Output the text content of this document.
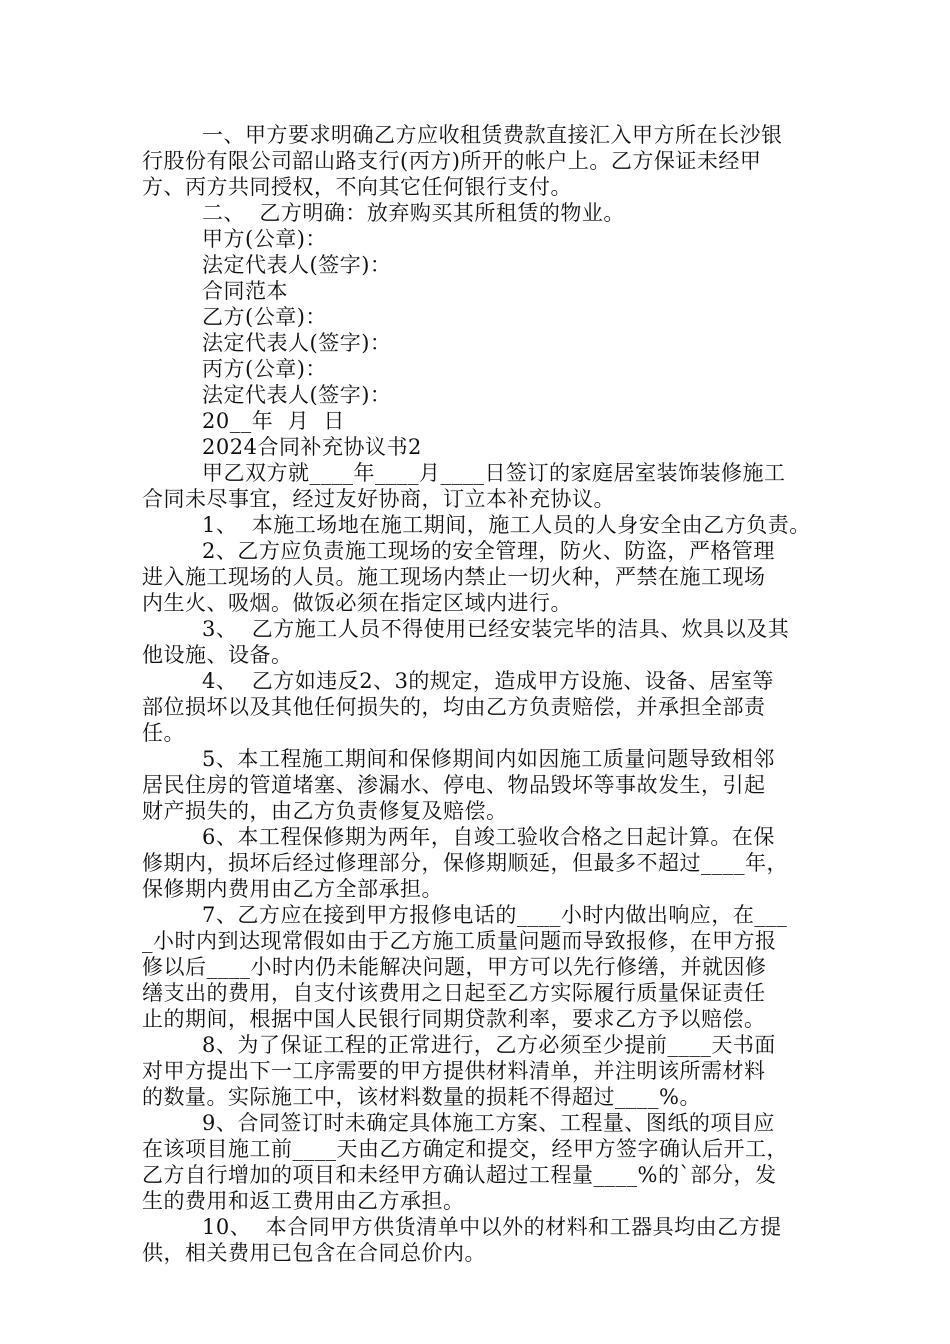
一、甲方要求明确乙方应收租赁费款直接汇入甲方所在长沙银
行股份有限公司韶山路支行(丙方)所开的帐户上。乙方保证未经甲
方、丙方共同授权，不向其它任何银行支付。
二、  乙方明确：放弃购买其所租赁的物业。
甲方(公章)：
法定代表人(签字)：
合同范本
乙方(公章)：
法定代表人(签字)：
丙方(公章)：
法定代表人(签字)：
20__年  月  日
2024合同补充协议书2
甲乙双方就____年____月____日签订的家庭居室装饰装修施工
合同未尽事宜，经过友好协商，订立本补充协议。
1、  本施工场地在施工期间，施工人员的人身安全由乙方负责。
2、乙方应负责施工现场的安全管理，防火、防盗，严格管理
进入施工现场的人员。施工现场内禁止一切火种，严禁在施工现场
内生火、吸烟。做饭必须在指定区域内进行。
3、  乙方施工人员不得使用已经安装完毕的洁具、炊具以及其
他设施、设备。
4、  乙方如违反2、3的规定，造成甲方设施、设备、居室等
部位损坏以及其他任何损失的，均由乙方负责赔偿，并承担全部责
任。
5、本工程施工期间和保修期间内如因施工质量问题导致相邻
居民住房的管道堵塞、渗漏水、停电、物品毁坏等事故发生，引起
财产损失的，由乙方负责修复及赔偿。
6、本工程保修期为两年，自竣工验收合格之日起计算。在保
修期内，损坏后经过修理部分，保修期顺延，但最多不超过____年，
保修期内费用由乙方全部承担。
7、乙方应在接到甲方报修电话的____小时内做出响应，在___
_小时内到达现常假如由于乙方施工质量问题而导致报修，在甲方报
修以后____小时内仍未能解决问题，甲方可以先行修缮，并就因修
缮支出的费用，自支付该费用之日起至乙方实际履行质量保证责任
止的期间，根据中国人民银行同期贷款利率，要求乙方予以赔偿。
8、为了保证工程的正常进行，乙方必须至少提前____天书面
对甲方提出下一工序需要的甲方提供材料清单，并注明该所需材料
的数量。实际施工中，该材料数量的损耗不得超过____%。
9、合同签订时未确定具体施工方案、工程量、图纸的项目应
在该项目施工前____天由乙方确定和提交，经甲方签字确认后开工，
乙方自行增加的项目和未经甲方确认超过工程量____%的`部分，发
生的费用和返工费用由乙方承担。
10、  本合同甲方供货清单中以外的材料和工器具均由乙方提
供，相关费用已包含在合同总价内。
